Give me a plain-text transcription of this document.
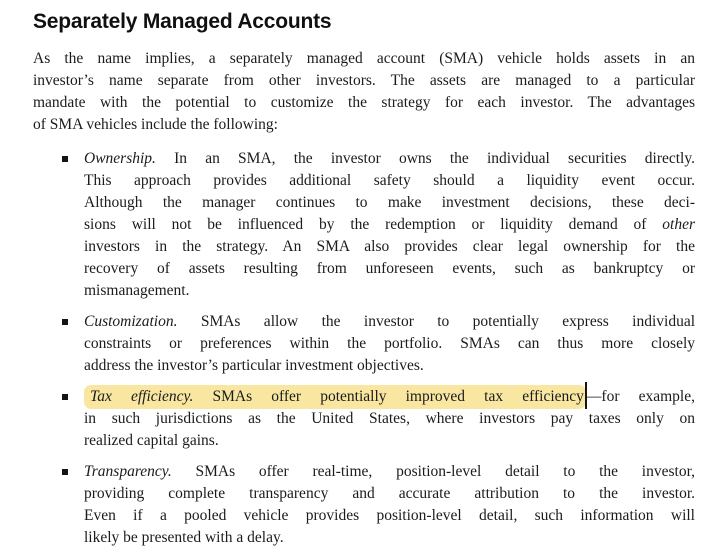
Separately Managed Accounts
As the name implies, a separately managed account (SMA) vehicle holds assets in an
investor’s name separate from other investors. The assets are managed to a particular
mandate with the potential to customize the strategy for each investor. The advantages
of SMA vehicles include the following:
Ownership. In an SMA, the investor owns the individual securities directly.
This approach provides additional safety should a liquidity event occur.
Although the manager continues to make investment decisions, these deci-
sions will not be influenced by the redemption or liquidity demand of other
investors in the strategy. An SMA also provides clear legal ownership for the
recovery of assets resulting from unforeseen events, such as bankruptcy or
mismanagement.
Customization. SMAs allow the investor to potentially express individual
constraints or preferences within the portfolio. SMAs can thus more closely
address the investor’s particular investment objectives.
Tax efficiency. SMAs offer potentially improved tax efficiency —for example,
in such jurisdictions as the United States, where investors pay taxes only on
realized capital gains.
Transparency. SMAs offer real-time, position-level detail to the investor,
providing complete transparency and accurate attribution to the investor.
Even if a pooled vehicle provides position-level detail, such information will
likely be presented with a delay.
